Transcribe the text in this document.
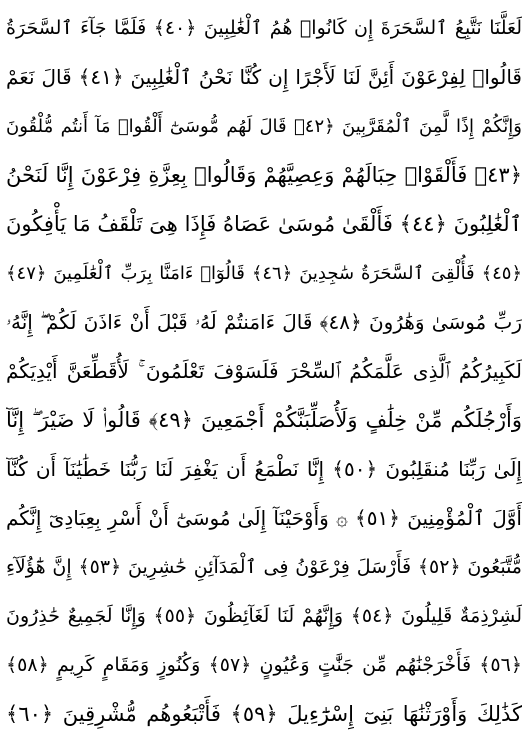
لَعَلَّنَا نَتَّبِعُ ٱلسَّحَرَةَ إِن كَانُوا۟ هُمُ ٱلْغَٰلِبِينَ ﴿٤٠﴾ فَلَمَّا جَآءَ ٱلسَّحَرَةُ
قَالُوا۟ لِفِرْعَوْنَ أَئِنَّ لَنَا لَأَجْرًا إِن كُنَّا نَحْنُ ٱلْغَٰلِبِينَ ﴿٤١﴾ قَالَ نَعَمْ
وَإِنَّكُمْ إِذًا لَّمِنَ ٱلْمُقَرَّبِينَ ﴿٤٢﴾ قَالَ لَهُم مُّوسَىٰٓ أَلْقُوا۟ مَآ أَنتُم مُّلْقُونَ
﴿٤٣﴾ فَأَلْقَوْا۟ حِبَالَهُمْ وَعِصِيَّهُمْ وَقَالُوا۟ بِعِزَّةِ فِرْعَوْنَ إِنَّا لَنَحْنُ
ٱلْغَٰلِبُونَ ﴿٤٤﴾ فَأَلْقَىٰ مُوسَىٰ عَصَاهُ فَإِذَا هِىَ تَلْقَفُ مَا يَأْفِكُونَ
﴿٤٥﴾ فَأُلْقِىَ ٱلسَّحَرَةُ سَٰجِدِينَ ﴿٤٦﴾ قَالُوٓا۟ ءَامَنَّا بِرَبِّ ٱلْعَٰلَمِينَ ﴿٤٧﴾
رَبِّ مُوسَىٰ وَهَٰرُونَ ﴿٤٨﴾ قَالَ ءَامَنتُمْ لَهُۥ قَبْلَ أَنْ ءَاذَنَ لَكُمْ ۖ إِنَّهُۥ
لَكَبِيرُكُمُ ٱلَّذِى عَلَّمَكُمُ ٱلسِّحْرَ فَلَسَوْفَ تَعْلَمُونَ ۚ لَأُقَطِّعَنَّ أَيْدِيَكُمْ
وَأَرْجُلَكُم مِّنْ خِلَٰفٍ وَلَأُصَلِّبَنَّكُمْ أَجْمَعِينَ ﴿٤٩﴾ قَالُوا۟ لَا ضَيْرَ ۖ إِنَّآ
إِلَىٰ رَبِّنَا مُنقَلِبُونَ ﴿٥٠﴾ إِنَّا نَطْمَعُ أَن يَغْفِرَ لَنَا رَبُّنَا خَطَٰيَٰنَآ أَن كُنَّآ
أَوَّلَ ٱلْمُؤْمِنِينَ ﴿٥١﴾ ۞ وَأَوْحَيْنَآ إِلَىٰ مُوسَىٰٓ أَنْ أَسْرِ بِعِبَادِىٓ إِنَّكُم
مُّتَّبَعُونَ ﴿٥٢﴾ فَأَرْسَلَ فِرْعَوْنُ فِى ٱلْمَدَآئِنِ حَٰشِرِينَ ﴿٥٣﴾ إِنَّ هَٰٓؤُلَآءِ
لَشِرْذِمَةٌ قَلِيلُونَ ﴿٥٤﴾ وَإِنَّهُمْ لَنَا لَغَآئِظُونَ ﴿٥٥﴾ وَإِنَّا لَجَمِيعٌ حَٰذِرُونَ
﴿٥٦﴾ فَأَخْرَجْنَٰهُم مِّن جَنَّٰتٍ وَعُيُونٍ ﴿٥٧﴾ وَكُنُوزٍ وَمَقَامٍ كَرِيمٍ ﴿٥٨﴾
كَذَٰلِكَ وَأَوْرَثْنَٰهَا بَنِىٓ إِسْرَٰٓءِيلَ ﴿٥٩﴾ فَأَتْبَعُوهُم مُّشْرِقِينَ ﴿٦٠﴾
